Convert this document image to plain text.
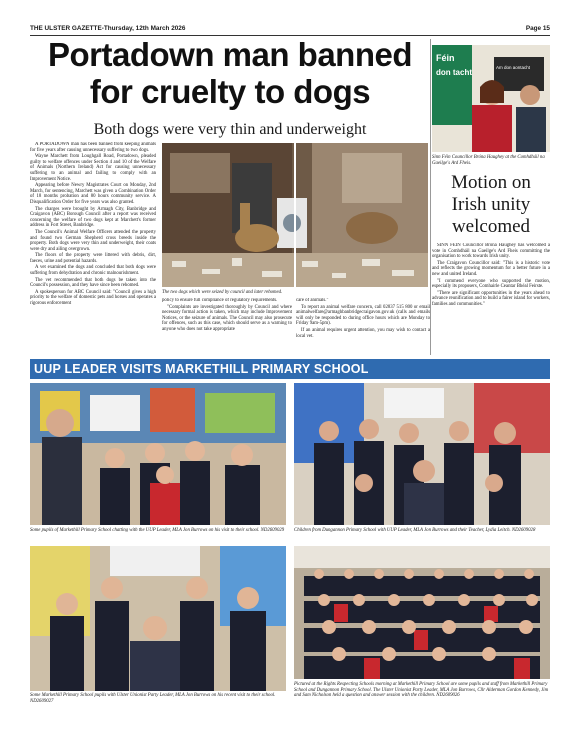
THE ULSTER GAZETTE-Thursday, 12th March 2026	Page 15
Portadown man banned for cruelty to dogs
Both dogs were very thin and underweight

A PORTADOWN man has been banned from keeping animals for five years after causing unnecessary suffering to two dogs.

Wayne Marchett from Loughgall Road, Portadown, pleaded guilty to welfare offences under Section 4 and 10 of the Welfare of Animals (Northern Ireland) Act for causing unnecessary suffering to an animal and failing to comply with an Improvement Notice.

Appearing before Newry Magistrates Court on Monday, 2nd March, for sentencing, Marchett was given a Combination Order of 18 months probation and 80 hours community service. A Disqualification Order for five years was also granted.

The charges were brought by Armagh City, Banbridge and Craigavon (ABC) Borough Council after a report was received concerning the welfare of two dogs kept at Marchett's former address in Fort Street, Banbridge.

The Council's Animal Welfare Officers attended the property and found two German Shepherd cross breeds inside the property. Both dogs were very thin and underweight, their coats were dry and ailing overgrown.

The floors of the property were littered with debris, dirt, faeces, urine and potential hazards.

A vet examined the dogs and concluded that both dogs were suffering from dehydration and chronic malnourishment.

The vet recommended that both dogs be taken into the Council's possession, and they have since been rehomed.

A spokesperson for ABC Council said: "Council gives a high priority to the welfare of domestic pets and horses and operates a rigorous enforcement

The two dogs which were seized by council and later rehomed.

policy to ensure full compliance of regulatory requirements.

"Complaints are investigated thoroughly by Council and where necessary formal action is taken, which may include Improvement Notices, or the seizure of animals. The Council may also prosecute for offences, such as this case, which should serve as a warning to anyone who does not take appropriate

care of animals."

To report an animal welfare concern, call 02837 515 800 or email animalwelfare@armaghbanbridgecraigavon.gov.uk (calls and emails will only be responded to during office hours which are Monday to Friday 9am-5pm).

If an animal requires urgent attention, you may wish to contact a local vet.

Féin
don tacht
Am don aontacht
Sinn Féin Councillor Bróna Haughey at the Comhdháil na Gaeilge's Ard Fheis.
Motion on Irish unity welcomed

SINN FÉIN Councillor Bróna Haughey has welcomed a vote in Comhdháil na Gaeilge's Ard Fheis committing the organisation to work towards Irish unity.

The Craigavon Councillor said: "This is a historic vote and reflects the growing momentum for a better future in a new and united Ireland.

"I commend everyone who supported the motion, especially its proposers, Comhairle Ceantar Bhéal Feirste.

"There are significant opportunities in the years ahead to advance reunification and to build a fairer island for workers, families and communities."

UUP LEADER VISITS MARKETHILL PRIMARY SCHOOL
Some pupils of Markethill Primary School chatting with the UUP Leader, MLA Jon Burrows on his visit to their school. ND2609029	Children from Dungannon Primary School with UUP Leader, MLA Jon Burrows and their Teacher, Lydia Leitch. ND2609028
Some Markethill Primary School pupils with Ulster Unionist Party Leader, MLA Jon Burrows on his recent visit to their school. ND2609027
Pictured at the Rights Respecting Schools morning at Markethill Primary School are some pupils and staff from Markethill Primary School and Dungannon Primary School. The Ulster Unionist Party Leader, MLA Jon Burrows, Cllr Alderman Gordon Kennedy, Jim and Sam Nicholson held a question and answer session with the children. ND2609026
